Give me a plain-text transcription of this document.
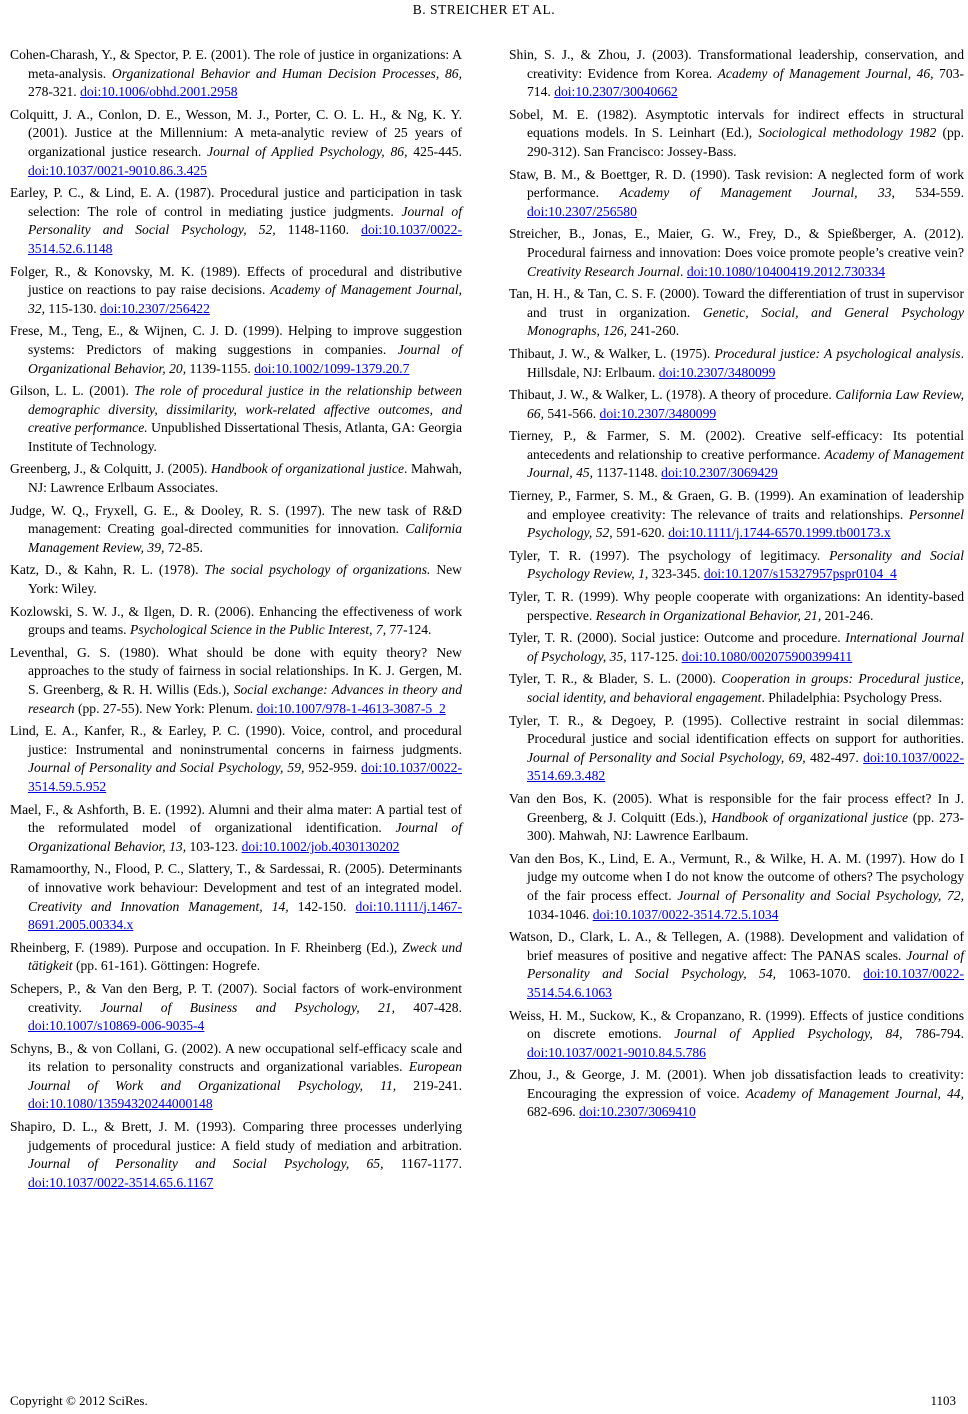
B. STREICHER ET AL.

Cohen-Charash, Y., & Spector, P. E. (2001). The role of justice in organizations: A meta-analysis. Organizational Behavior and Human Decision Processes, 86, 278-321. doi:10.1006/obhd.2001.2958

Colquitt, J. A., Conlon, D. E., Wesson, M. J., Porter, C. O. L. H., & Ng, K. Y. (2001). Justice at the Millennium: A meta-analytic review of 25 years of organizational justice research. Journal of Applied Psychology, 86, 425-445. doi:10.1037/0021-9010.86.3.425

Earley, P. C., & Lind, E. A. (1987). Procedural justice and participation in task selection: The role of control in mediating justice judgments. Journal of Personality and Social Psychology, 52, 1148-1160. doi:10.1037/0022-3514.52.6.1148

Folger, R., & Konovsky, M. K. (1989). Effects of procedural and distributive justice on reactions to pay raise decisions. Academy of Management Journal, 32, 115-130. doi:10.2307/256422

Frese, M., Teng, E., & Wijnen, C. J. D. (1999). Helping to improve suggestion systems: Predictors of making suggestions in companies. Journal of Organizational Behavior, 20, 1139-1155. doi:10.1002/1099-1379.20.7

Gilson, L. L. (2001). The role of procedural justice in the relationship between demographic diversity, dissimilarity, work-related affective outcomes, and creative performance. Unpublished Dissertational Thesis, Atlanta, GA: Georgia Institute of Technology.

Greenberg, J., & Colquitt, J. (2005). Handbook of organizational justice. Mahwah, NJ: Lawrence Erlbaum Associates.

Judge, W. Q., Fryxell, G. E., & Dooley, R. S. (1997). The new task of R&D management: Creating goal-directed communities for innovation. California Management Review, 39, 72-85.

Katz, D., & Kahn, R. L. (1978). The social psychology of organizations. New York: Wiley.

Kozlowski, S. W. J., & Ilgen, D. R. (2006). Enhancing the effectiveness of work groups and teams. Psychological Science in the Public Interest, 7, 77-124.

Leventhal, G. S. (1980). What should be done with equity theory? New approaches to the study of fairness in social relationships. In K. J. Gergen, M. S. Greenberg, & R. H. Willis (Eds.), Social exchange: Advances in theory and research (pp. 27-55). New York: Plenum. doi:10.1007/978-1-4613-3087-5_2

Lind, E. A., Kanfer, R., & Earley, P. C. (1990). Voice, control, and procedural justice: Instrumental and noninstrumental concerns in fairness judgments. Journal of Personality and Social Psychology, 59, 952-959. doi:10.1037/0022-3514.59.5.952

Mael, F., & Ashforth, B. E. (1992). Alumni and their alma mater: A partial test of the reformulated model of organizational identification. Journal of Organizational Behavior, 13, 103-123. doi:10.1002/job.4030130202

Ramamoorthy, N., Flood, P. C., Slattery, T., & Sardessai, R. (2005). Determinants of innovative work behaviour: Development and test of an integrated model. Creativity and Innovation Management, 14, 142-150. doi:10.1111/j.1467-8691.2005.00334.x

Rheinberg, F. (1989). Purpose and occupation. In F. Rheinberg (Ed.), Zweck und tätigkeit (pp. 61-161). Göttingen: Hogrefe.

Schepers, P., & Van den Berg, P. T. (2007). Social factors of work-environment creativity. Journal of Business and Psychology, 21, 407-428. doi:10.1007/s10869-006-9035-4

Schyns, B., & von Collani, G. (2002). A new occupational self-efficacy scale and its relation to personality constructs and organizational variables. European Journal of Work and Organizational Psychology, 11, 219-241. doi:10.1080/13594320244000148

Shapiro, D. L., & Brett, J. M. (1993). Comparing three processes underlying judgements of procedural justice: A field study of mediation and arbitration. Journal of Personality and Social Psychology, 65, 1167-1177. doi:10.1037/0022-3514.65.6.1167

Shin, S. J., & Zhou, J. (2003). Transformational leadership, conservation, and creativity: Evidence from Korea. Academy of Management Journal, 46, 703-714. doi:10.2307/30040662

Sobel, M. E. (1982). Asymptotic intervals for indirect effects in structural equations models. In S. Leinhart (Ed.), Sociological methodology 1982 (pp. 290-312). San Francisco: Jossey-Bass.

Staw, B. M., & Boettger, R. D. (1990). Task revision: A neglected form of work performance. Academy of Management Journal, 33, 534-559. doi:10.2307/256580

Streicher, B., Jonas, E., Maier, G. W., Frey, D., & Spießberger, A. (2012). Procedural fairness and innovation: Does voice promote people’s creative vein? Creativity Research Journal. doi:10.1080/10400419.2012.730334

Tan, H. H., & Tan, C. S. F. (2000). Toward the differentiation of trust in supervisor and trust in organization. Genetic, Social, and General Psychology Monographs, 126, 241-260.

Thibaut, J. W., & Walker, L. (1975). Procedural justice: A psychological analysis. Hillsdale, NJ: Erlbaum. doi:10.2307/3480099

Thibaut, J. W., & Walker, L. (1978). A theory of procedure. California Law Review, 66, 541-566. doi:10.2307/3480099

Tierney, P., & Farmer, S. M. (2002). Creative self-efficacy: Its potential antecedents and relationship to creative performance. Academy of Management Journal, 45, 1137-1148. doi:10.2307/3069429

Tierney, P., Farmer, S. M., & Graen, G. B. (1999). An examination of leadership and employee creativity: The relevance of traits and relationships. Personnel Psychology, 52, 591-620. doi:10.1111/j.1744-6570.1999.tb00173.x

Tyler, T. R. (1997). The psychology of legitimacy. Personality and Social Psychology Review, 1, 323-345. doi:10.1207/s15327957pspr0104_4

Tyler, T. R. (1999). Why people cooperate with organizations: An identity-based perspective. Research in Organizational Behavior, 21, 201-246.

Tyler, T. R. (2000). Social justice: Outcome and procedure. International Journal of Psychology, 35, 117-125. doi:10.1080/002075900399411

Tyler, T. R., & Blader, S. L. (2000). Cooperation in groups: Procedural justice, social identity, and behavioral engagement. Philadelphia: Psychology Press.

Tyler, T. R., & Degoey, P. (1995). Collective restraint in social dilemmas: Procedural justice and social identification effects on support for authorities. Journal of Personality and Social Psychology, 69, 482-497. doi:10.1037/0022-3514.69.3.482

Van den Bos, K. (2005). What is responsible for the fair process effect? In J. Greenberg, & J. Colquitt (Eds.), Handbook of organizational justice (pp. 273-300). Mahwah, NJ: Lawrence Earlbaum.

Van den Bos, K., Lind, E. A., Vermunt, R., & Wilke, H. A. M. (1997). How do I judge my outcome when I do not know the outcome of others? The psychology of the fair process effect. Journal of Personality and Social Psychology, 72, 1034-1046. doi:10.1037/0022-3514.72.5.1034

Watson, D., Clark, L. A., & Tellegen, A. (1988). Development and validation of brief measures of positive and negative affect: The PANAS scales. Journal of Personality and Social Psychology, 54, 1063-1070. doi:10.1037/0022-3514.54.6.1063

Weiss, H. M., Suckow, K., & Cropanzano, R. (1999). Effects of justice conditions on discrete emotions. Journal of Applied Psychology, 84, 786-794. doi:10.1037/0021-9010.84.5.786

Zhou, J., & George, J. M. (2001). When job dissatisfaction leads to creativity: Encouraging the expression of voice. Academy of Management Journal, 44, 682-696. doi:10.2307/3069410

Copyright © 2012 SciRes.	1103
